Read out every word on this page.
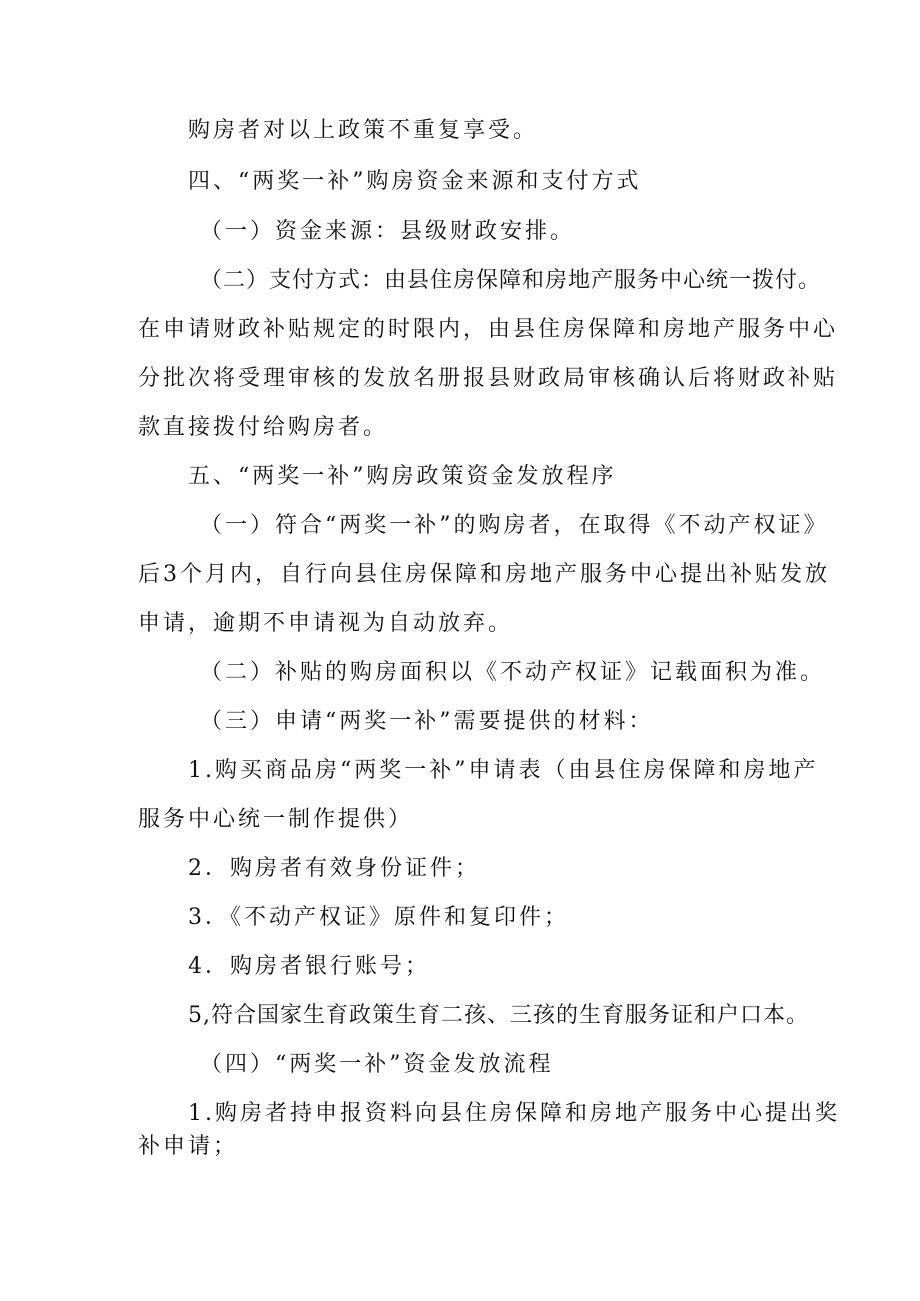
购房者对以上政策不重复享受。
四、“两奖一补”购房资金来源和支付方式
（一）资金来源：县级财政安排。
（二）支付方式：由县住房保障和房地产服务中心统一拨付。
在申请财政补贴规定的时限内，由县住房保障和房地产服务中心
分批次将受理审核的发放名册报县财政局审核确认后将财政补贴
款直接拨付给购房者。
五、“两奖一补”购房政策资金发放程序
（一）符合“两奖一补”的购房者，在取得《不动产权证》
后3个月内，自行向县住房保障和房地产服务中心提出补贴发放
申请，逾期不申请视为自动放弃。
（二）补贴的购房面积以《不动产权证》记载面积为准。
（三）申请“两奖一补”需要提供的材料：
1.购买商品房“两奖一补”申请表（由县住房保障和房地产
服务中心统一制作提供）
2．购房者有效身份证件；
3．《不动产权证》原件和复印件；
4．购房者银行账号；
5,符合国家生育政策生育二孩、三孩的生育服务证和户口本。
（四）“两奖一补”资金发放流程
1.购房者持申报资料向县住房保障和房地产服务中心提出奖
补申请；
